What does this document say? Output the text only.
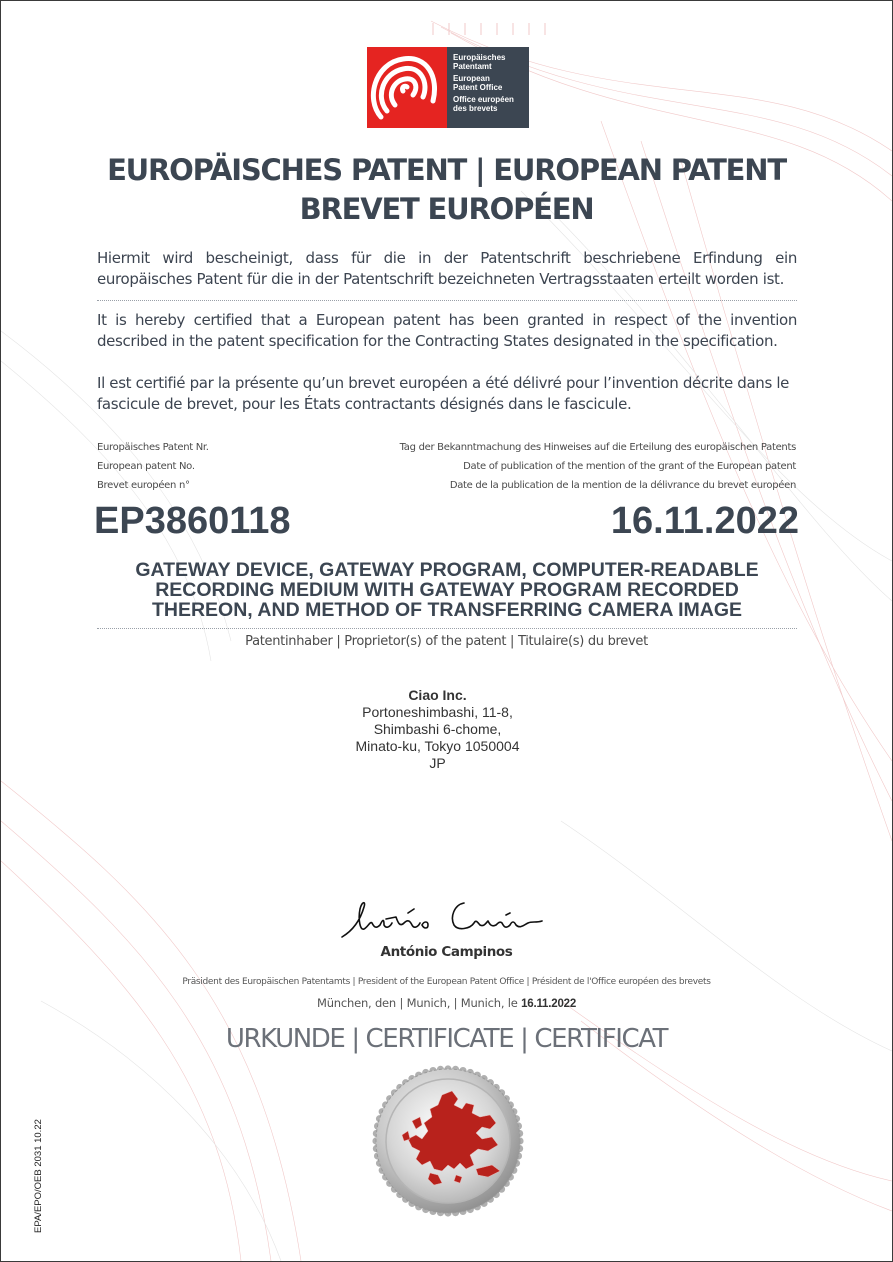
Europäisches
Patentamt
European
Patent Office
Office européen
des brevets
EUROPÄISCHES PATENT | EUROPEAN PATENT
BREVET EUROPÉEN
Hiermit wird bescheinigt, dass für die in der Patentschrift beschriebene Erfindung ein europäisches Patent für die in der Patentschrift bezeichneten Vertragsstaaten erteilt worden ist.
It is hereby certified that a European patent has been granted in respect of the invention described in the patent specification for the Contracting States designated in the specification.
Il est certifié par la présente qu’un brevet européen a été délivré pour l’invention décrite dans le fascicule de brevet, pour les États contractants désignés dans le fascicule.
Europäisches Patent Nr.
European patent No.
Brevet européen n°
Tag der Bekanntmachung des Hinweises auf die Erteilung des europäischen Patents
Date of publication of the mention of the grant of the European patent
Date de la publication de la mention de la délivrance du brevet européen
EP3860118	16.11.2022
GATEWAY DEVICE, GATEWAY PROGRAM, COMPUTER-READABLE
RECORDING MEDIUM WITH GATEWAY PROGRAM RECORDED
THEREON, AND METHOD OF TRANSFERRING CAMERA IMAGE
Patentinhaber | Proprietor(s) of the patent | Titulaire(s) du brevet
Ciao Inc.
Portoneshimbashi, 11-8,
Shimbashi 6-chome,
Minato-ku, Tokyo 1050004
JP
António Campinos
Präsident des Europäischen Patentamts | President of the European Patent Office | Président de l'Office européen des brevets
München, den | Munich, | Munich, le 16.11.2022
URKUNDE | CERTIFICATE | CERTIFICAT
EPA/EPO/OEB 2031 10.22
